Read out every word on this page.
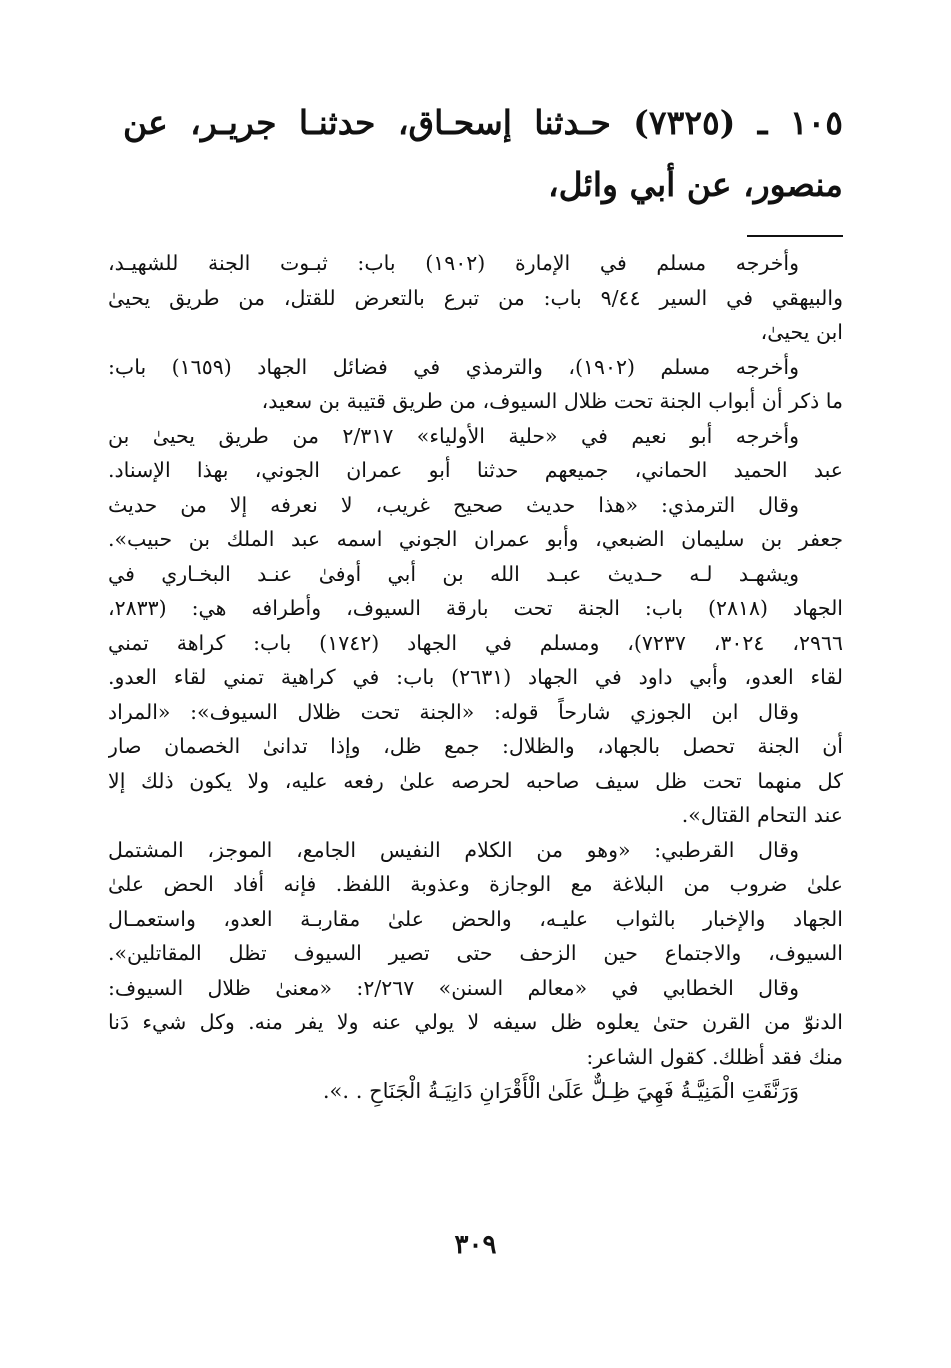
١٠٥ ـ (٧٣٢٥) حـدثنا إسحـاق، حدثنـا جريـر، عن
منصور، عن أبي وائل،
وأخرجه مسلم في الإمارة (١٩٠٢) باب: ثبـوت الجنة للشهيـد،
والبيهقي في السير ٩/٤٤ باب: من تبرع بالتعرض للقتل، من طريق يحيىٰ
ابن يحيىٰ،
وأخرجه مسلم (١٩٠٢)، والترمذي في فضائل الجهاد (١٦٥٩) باب:
ما ذكر أن أبواب الجنة تحت ظلال السيوف، من طريق قتيبة بن سعيد،
وأخرجه أبو نعيم في «حلية الأولياء» ٢/٣١٧ من طريق يحيىٰ بن
عبد الحميد الحماني، جميعهم حدثنا أبو عمران الجوني، بهذا الإسناد.
وقال الترمذي: «هذا حديث صحيح غريب، لا نعرفه إلا من حديث
جعفر بن سليمان الضبعي، وأبو عمران الجوني اسمه عبد الملك بن حبيب».
ويشهـد لـه حـديث عبـد الله بن أبي أوفىٰ عنـد البخـاري في
الجهاد (٢٨١٨) باب: الجنة تحت بارقة السيوف، وأطرافه هي: (٢٨٣٣،
٢٩٦٦، ٣٠٢٤، ٧٢٣٧)، ومسلم في الجهاد (١٧٤٢) باب: كراهة تمني
لقاء العدو، وأبي داود في الجهاد (٢٦٣١) باب: في كراهية تمني لقاء العدو.
وقال ابن الجوزي شارحاً قوله: «الجنة تحت ظلال السيوف»: «المراد
أن الجنة تحصل بالجهاد، والظلال: جمع ظل، وإذا تدانىٰ الخصمان صار
كل منهما تحت ظل سيف صاحبه لحرصه علىٰ رفعه عليه، ولا يكون ذلك إلا
عند التحام القتال».
وقال القرطبي: «وهو من الكلام النفيس الجامع، الموجز، المشتمل
علىٰ ضروب من البلاغة مع الوجازة وعذوبة اللفظ. فإنه أفاد الحض علىٰ
الجهاد والإخبار بالثواب عليـه، والحض علىٰ مقاربـة العدو، واستعمـال
السيوف، والاجتماع حين الزحف حتى تصير السيوف تظل المقاتلين».
وقال الخطابي في «معالم السنن» ٢/٢٦٧: «معنىٰ ظلال السيوف:
الدنوّ من القرن حتىٰ يعلوه ظل سيفه لا يولي عنه ولا يفر منه. وكل شيء دَنا
منك فقد أظلك. كقول الشاعر:
وَرَنَّقَتِ الْمَنِيَّـةُ فَهِيَ ظِـلٌّ عَلَىٰ الْأَقْرَانِ دَانِيَـةُ الْجَنَاحِ . .».
٣٠٩
